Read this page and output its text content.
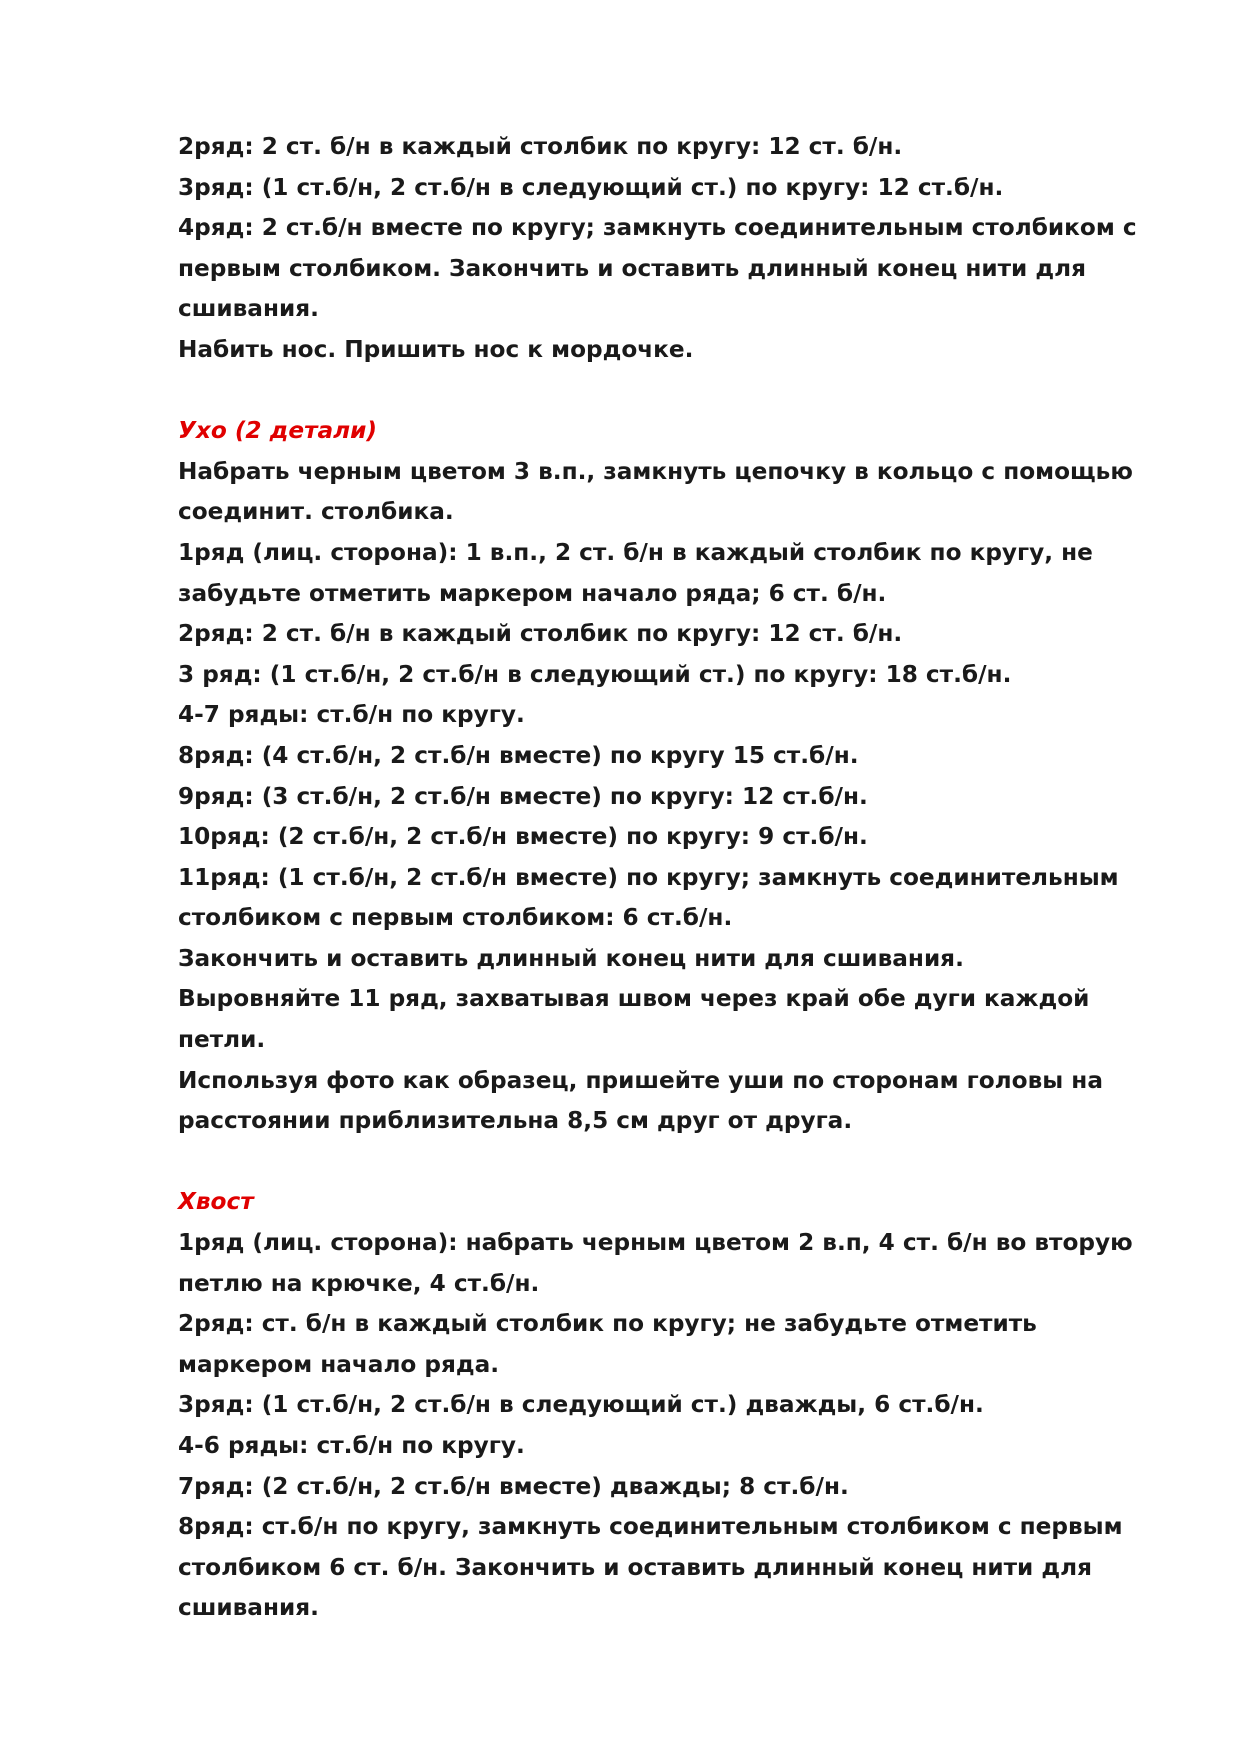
2ряд: 2 ст. б/н в каждый столбик по кругу: 12 ст. б/н.
3ряд: (1 ст.б/н, 2 ст.б/н в следующий ст.) по кругу: 12 ст.б/н.
4ряд: 2 ст.б/н вместе по кругу; замкнуть соединительным столбиком с
первым столбиком. Закончить и оставить длинный конец нити для
сшивания.
Набить нос. Пришить нос к мордочке.
Ухо (2 детали)
Набрать черным цветом 3 в.п., замкнуть цепочку в кольцо с помощью
соединит. столбика.
1ряд (лиц. сторона): 1 в.п., 2 ст. б/н в каждый столбик по кругу, не
забудьте отметить маркером начало ряда; 6 ст. б/н.
2ряд: 2 ст. б/н в каждый столбик по кругу: 12 ст. б/н.
3 ряд: (1 ст.б/н, 2 ст.б/н в следующий ст.) по кругу: 18 ст.б/н.
4-7 ряды: ст.б/н по кругу.
8ряд: (4 ст.б/н, 2 ст.б/н вместе) по кругу 15 ст.б/н.
9ряд: (3 ст.б/н, 2 ст.б/н вместе) по кругу: 12 ст.б/н.
10ряд: (2 ст.б/н, 2 ст.б/н вместе) по кругу: 9 ст.б/н.
11ряд: (1 ст.б/н, 2 ст.б/н вместе) по кругу; замкнуть соединительным
столбиком с первым столбиком: 6 ст.б/н.
Закончить и оставить длинный конец нити для сшивания.
Выровняйте 11 ряд, захватывая швом через край обе дуги каждой
петли.
Используя фото как образец, пришейте уши по сторонам головы на
расстоянии приблизительна 8,5 см друг от друга.
Хвост
1ряд (лиц. сторона): набрать черным цветом 2 в.п, 4 ст. б/н во вторую
петлю на крючке, 4 ст.б/н.
2ряд: ст. б/н в каждый столбик по кругу; не забудьте отметить
маркером начало ряда.
3ряд: (1 ст.б/н, 2 ст.б/н в следующий ст.) дважды, 6 ст.б/н.
4-6 ряды: ст.б/н по кругу.
7ряд: (2 ст.б/н, 2 ст.б/н вместе) дважды; 8 ст.б/н.
8ряд: ст.б/н по кругу, замкнуть соединительным столбиком с первым
столбиком 6 ст. б/н. Закончить и оставить длинный конец нити для
сшивания.
